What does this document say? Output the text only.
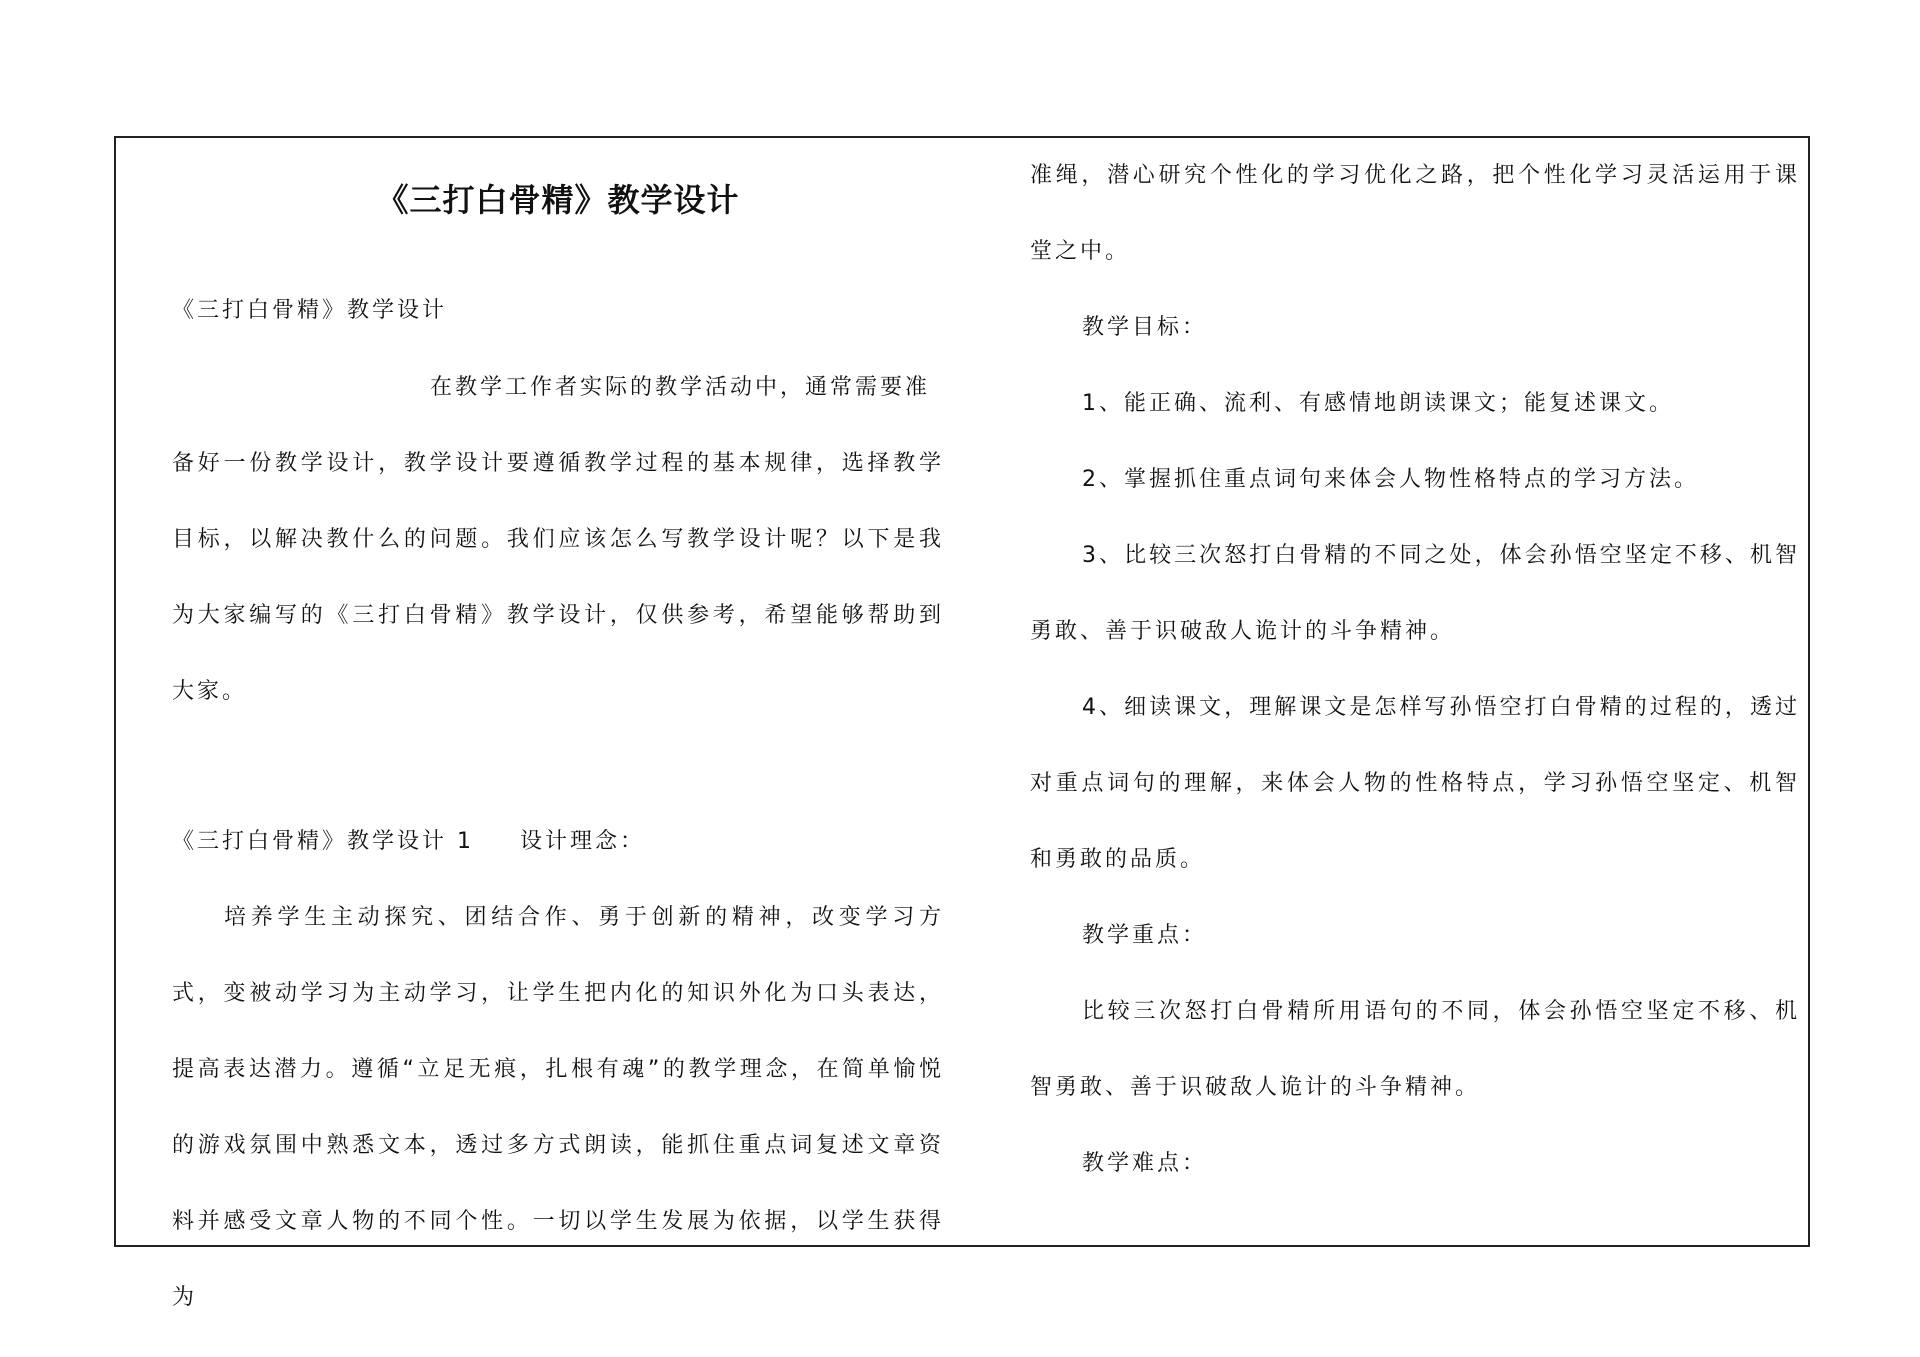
《三打白骨精》教学设计

《三打白骨精》教学设计

在教学工作者实际的教学活动中，通常需要准

备好一份教学设计，教学设计要遵循教学过程的基本规律，选择教学目标，以解决教什么的问题。我们应该怎么写教学设计呢？以下是我为大家编写的《三打白骨精》教学设计，仅供参考，希望能够帮助到大家。

《三打白骨精》教学设计 1 设计理念：

培养学生主动探究、团结合作、勇于创新的精神，改变学习方式，变被动学习为主动学习，让学生把内化的知识外化为口头表达，提高表达潜力。遵循“立足无痕，扎根有魂”的教学理念，在简单愉悦的游戏氛围中熟悉文本，透过多方式朗读，能抓住重点词复述文章资料并感受文章人物的不同个性。一切以学生发展为依据，以学生获得为

准绳，潜心研究个性化的学习优化之路，把个性化学习灵活运用于课堂之中。

教学目标：

1、能正确、流利、有感情地朗读课文；能复述课文。

2、掌握抓住重点词句来体会人物性格特点的学习方法。

3、比较三次怒打白骨精的不同之处，体会孙悟空坚定不移、机智勇敢、善于识破敌人诡计的斗争精神。

4、细读课文，理解课文是怎样写孙悟空打白骨精的过程的，透过对重点词句的理解，来体会人物的性格特点，学习孙悟空坚定、机智和勇敢的品质。

教学重点：

比较三次怒打白骨精所用语句的不同，体会孙悟空坚定不移、机智勇敢、善于识破敌人诡计的斗争精神。

教学难点：
